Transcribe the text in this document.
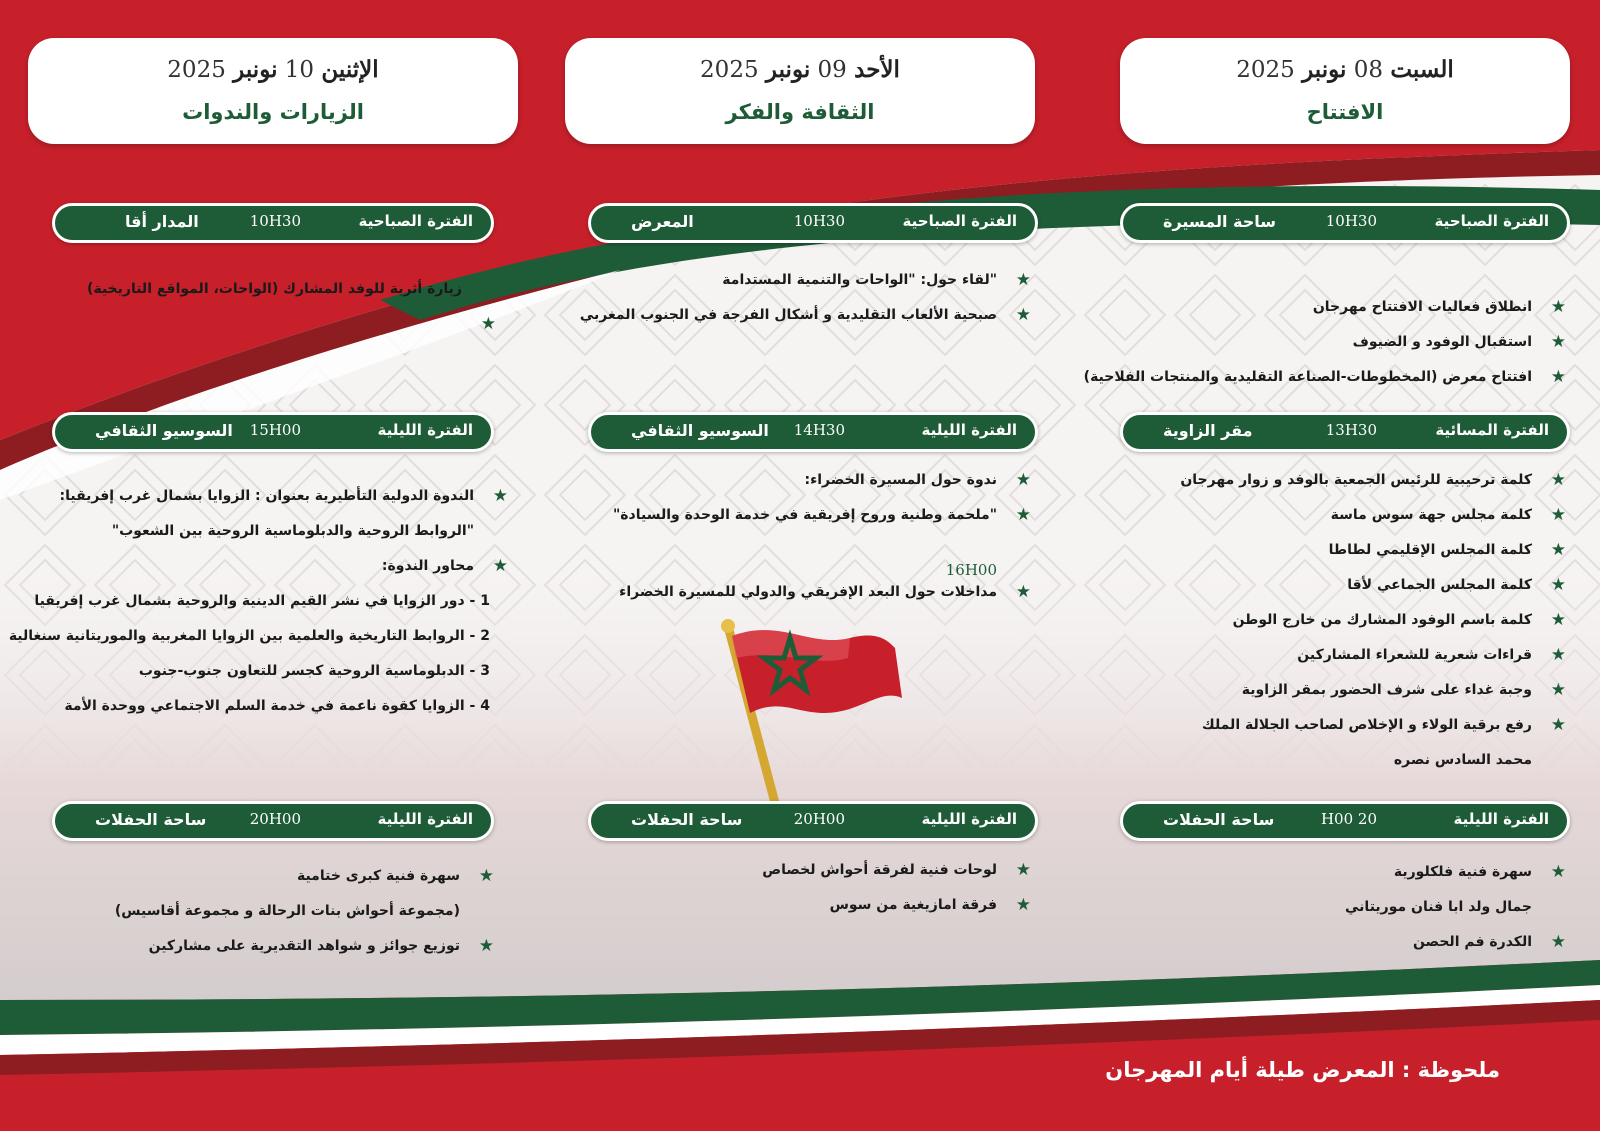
السبت 08 نونبر 2025
الافتتاح
الفترة الصباحية
10H30
ساحة المسيرة
★
انطلاق فعاليات الافتتاح مهرجان
★
استقبال الوفود و الضيوف
★
افتتاح معرض (المخطوطات-الصناعة التقليدية والمنتجات الفلاحية)
الفترة المسائية
13H30
مقر الزاوية
★
كلمة ترحيبية للرئيس الجمعية بالوفد و زوار مهرجان
★
كلمة مجلس جهة سوس ماسة
★
كلمة المجلس الإقليمي لطاطا
★
كلمة المجلس الجماعي لأقا
★
كلمة باسم الوفود المشارك من خارج الوطن
★
قراءات شعرية للشعراء المشاركين
★
وجبة غداء على شرف الحضور بمقر الزاوية
★
رفع برقية الولاء و الإخلاص لصاحب الجلالة الملك
محمد السادس نصره
الفترة الليلية
20 H00
ساحة الحفلات
★
سهرة فنية فلكلورية
جمال ولد ابا فنان موريتاني
★
الكدرة فم الحصن
الأحد 09 نونبر 2025
الثقافة والفكر
الفترة الصباحية
10H30
المعرض
★
"لقاء حول: "الواحات والتنمية المستدامة
★
صبحية الألعاب التقليدية و أشكال الفرجة في الجنوب المغربي
الفترة الليلية
14H30
السوسيو الثقافي
★
ندوة حول المسيرة الخضراء:
★
"ملحمة وطنية وروح إفريقية في خدمة الوحدة والسيادة"
16H00
★
مداخلات حول البعد الإفريقي والدولي للمسيرة الخضراء
الفترة الليلية
20H00
ساحة الحفلات
★
لوحات فنية لفرقة أحواش لخصاص
★
فرقة امازيغية من سوس
الإثنين 10 نونبر 2025
الزيارات والندوات
الفترة الصباحية
10H30
المدار أقا
★
زيارة أثرية للوفد المشارك (الواحات، المواقع التاريخية)
★
الفترة الليلية
15H00
السوسيو الثقافي
★
الندوة الدولية التأطيرية بعنوان : الزوايا بشمال غرب إفريقيا:
"الروابط الروحية والدبلوماسية الروحية بين الشعوب"
★
محاور الندوة:
1 - دور الزوايا في نشر القيم الدينية والروحية بشمال غرب إفريقيا
2 - الروابط التاريخية والعلمية بين الزوايا المغربية والموريتانية سنغالية
3 - الدبلوماسية الروحية كجسر للتعاون جنوب-جنوب
4 - الزوايا كقوة ناعمة في خدمة السلم الاجتماعي ووحدة الأمة
الفترة الليلية
20H00
ساحة الحفلات
★
سهرة فنية كبرى ختامية
(مجموعة أحواش بنات الرحالة و مجموعة أقاسيس)
★
توزيع جوائز و شواهد التقديرية على مشاركين
ملحوظة : المعرض طيلة أيام المهرجان
